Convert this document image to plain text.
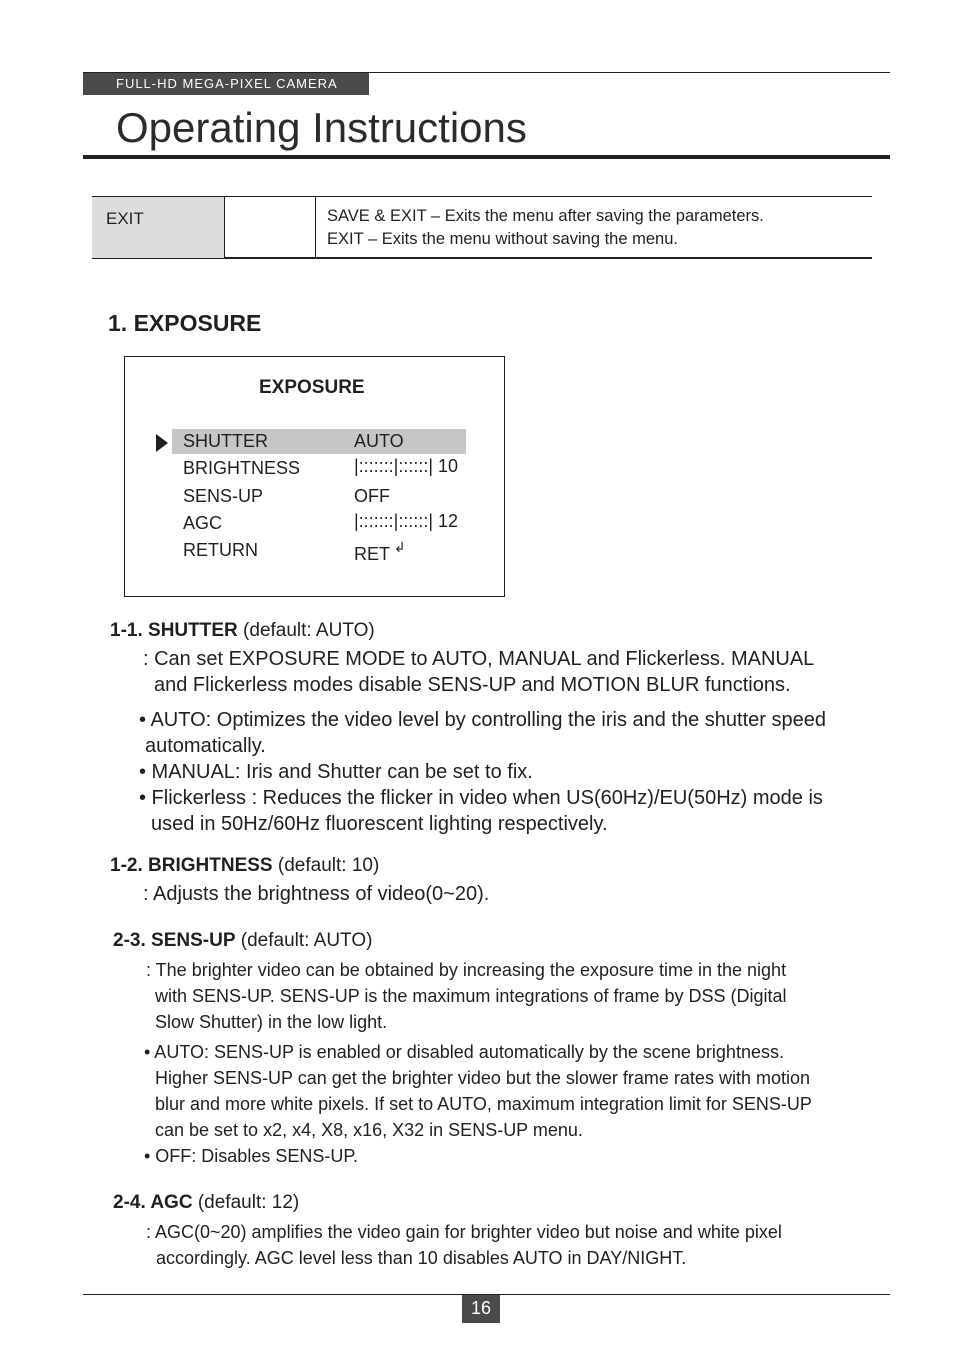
FULL-HD MEGA-PIXEL CAMERA
Operating Instructions
EXIT	SAVE & EXIT – Exits the menu after saving the parameters.
EXIT – Exits the menu without saving the menu.
1. EXPOSURE
EXPOSURE
SHUTTER	AUTO
BRIGHTNESS	|:::::::|::::::| 10
SENS-UP	OFF
AGC	|:::::::|::::::| 12
RETURN	RET ↲
1-1. SHUTTER (default: AUTO)
: Can set EXPOSURE MODE to AUTO, MANUAL and Flickerless. MANUAL
and Flickerless modes disable SENS-UP and MOTION BLUR functions.
• AUTO: Optimizes the video level by controlling the iris and the shutter speed
automatically.
• MANUAL: Iris and Shutter can be set to fix.
• Flickerless : Reduces the flicker in video when US(60Hz)/EU(50Hz) mode is
used in 50Hz/60Hz fluorescent lighting respectively.
1-2. BRIGHTNESS (default: 10)
: Adjusts the brightness of video(0~20).
2-3. SENS-UP (default: AUTO)
: The brighter video can be obtained by increasing the exposure time in the night
with SENS-UP. SENS-UP is the maximum integrations of frame by DSS (Digital
Slow Shutter) in the low light.
• AUTO: SENS-UP is enabled or disabled automatically by the scene brightness.
Higher SENS-UP can get the brighter video but the slower frame rates with motion
blur and more white pixels. If set to AUTO, maximum integration limit for SENS-UP
can be set to x2, x4, X8, x16, X32 in SENS-UP menu.
• OFF: Disables SENS-UP.
2-4. AGC (default: 12)
: AGC(0~20) amplifies the video gain for brighter video but noise and white pixel
accordingly. AGC level less than 10 disables AUTO in DAY/NIGHT.
16
